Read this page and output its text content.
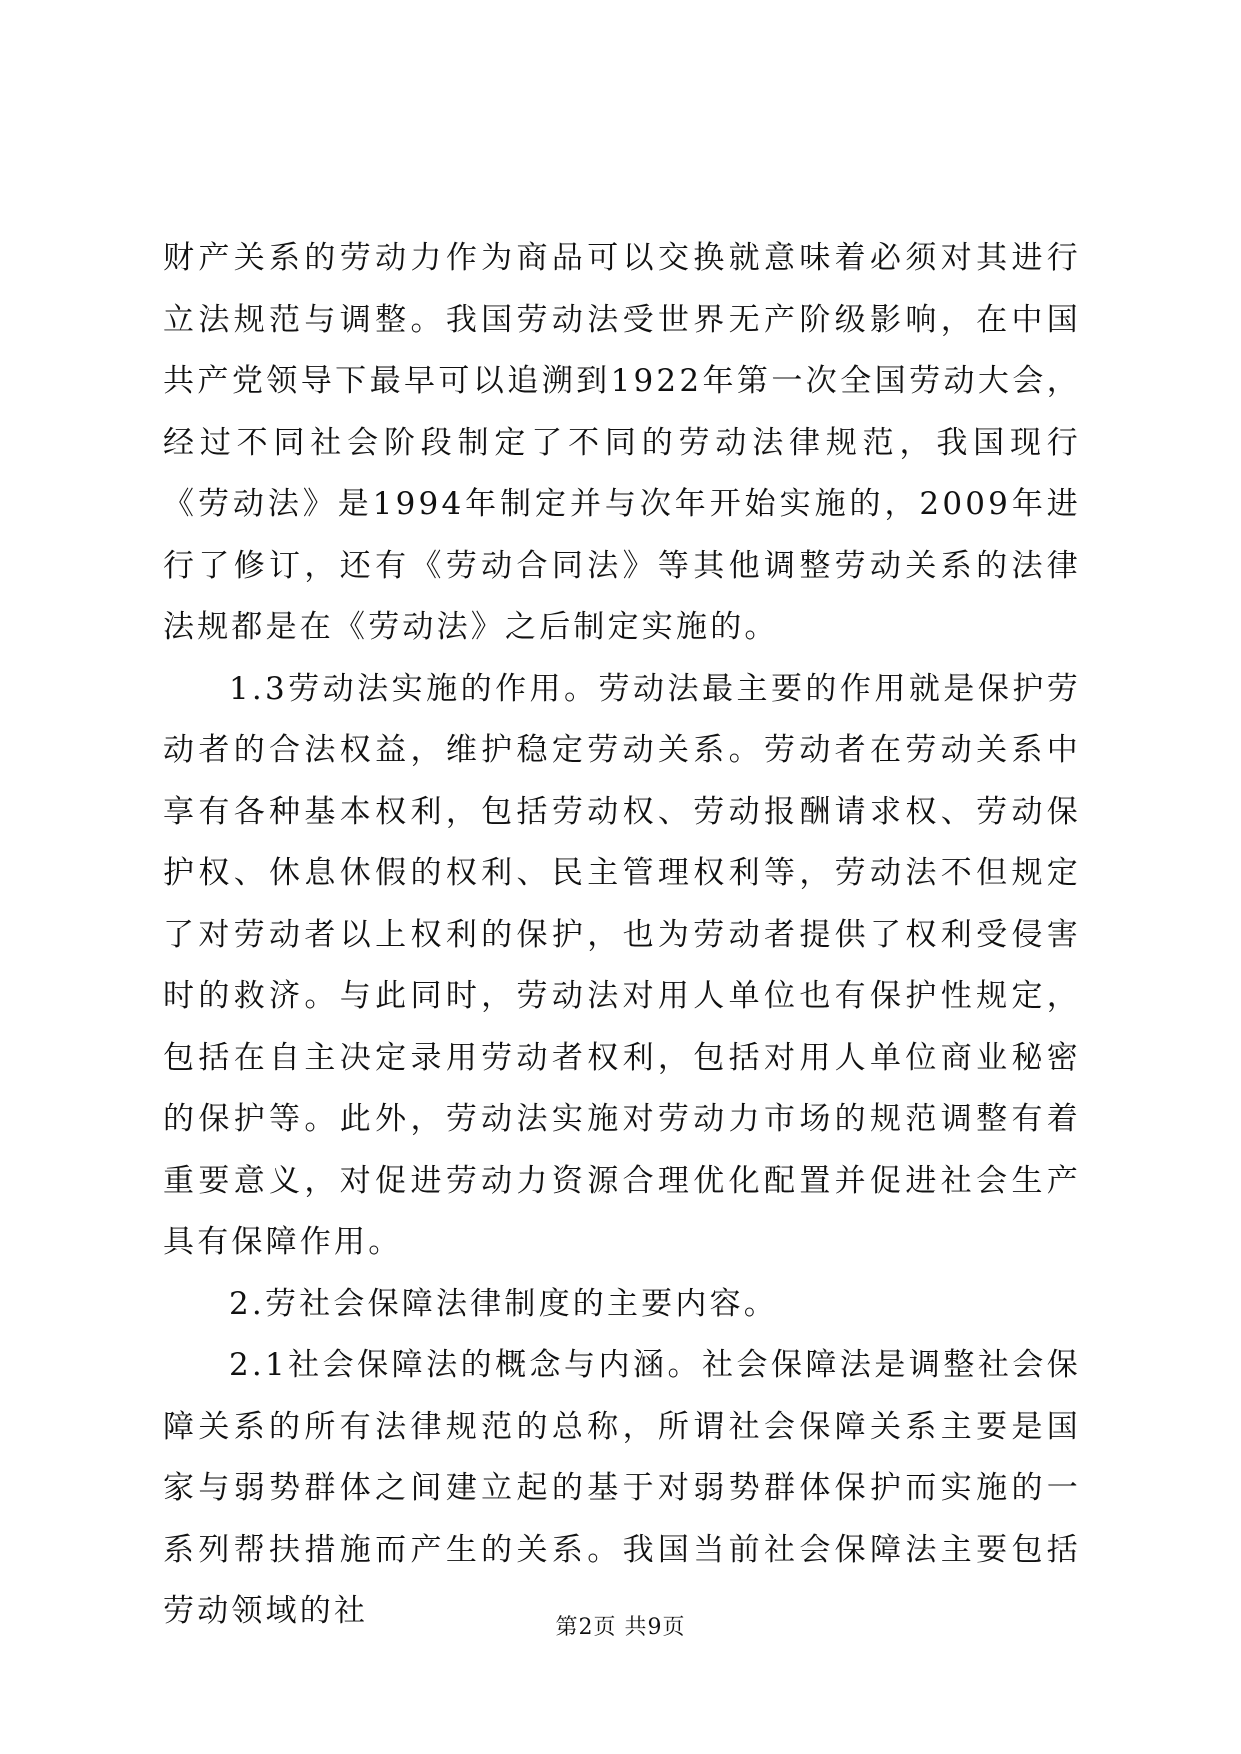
财产关系的劳动力作为商品可以交换就意味着必须对其进行立法规范与调整。我国劳动法受世界无产阶级影响，在中国共产党领导下最早可以追溯到1922年第一次全国劳动大会，经过不同社会阶段制定了不同的劳动法律规范，我国现行《劳动法》是1994年制定并与次年开始实施的，2009年进行了修订，还有《劳动合同法》等其他调整劳动关系的法律法规都是在《劳动法》之后制定实施的。

1.3劳动法实施的作用。劳动法最主要的作用就是保护劳动者的合法权益，维护稳定劳动关系。劳动者在劳动关系中享有各种基本权利，包括劳动权、劳动报酬请求权、劳动保护权、休息休假的权利、民主管理权利等，劳动法不但规定了对劳动者以上权利的保护，也为劳动者提供了权利受侵害时的救济。与此同时，劳动法对用人单位也有保护性规定，包括在自主决定录用劳动者权利，包括对用人单位商业秘密的保护等。此外，劳动法实施对劳动力市场的规范调整有着重要意义，对促进劳动力资源合理优化配置并促进社会生产具有保障作用。

2.劳社会保障法律制度的主要内容。

2.1社会保障法的概念与内涵。社会保障法是调整社会保障关系的所有法律规范的总称，所谓社会保障关系主要是国家与弱势群体之间建立起的基于对弱势群体保护而实施的一系列帮扶措施而产生的关系。我国当前社会保障法主要包括劳动领域的社	第2页 共9页
